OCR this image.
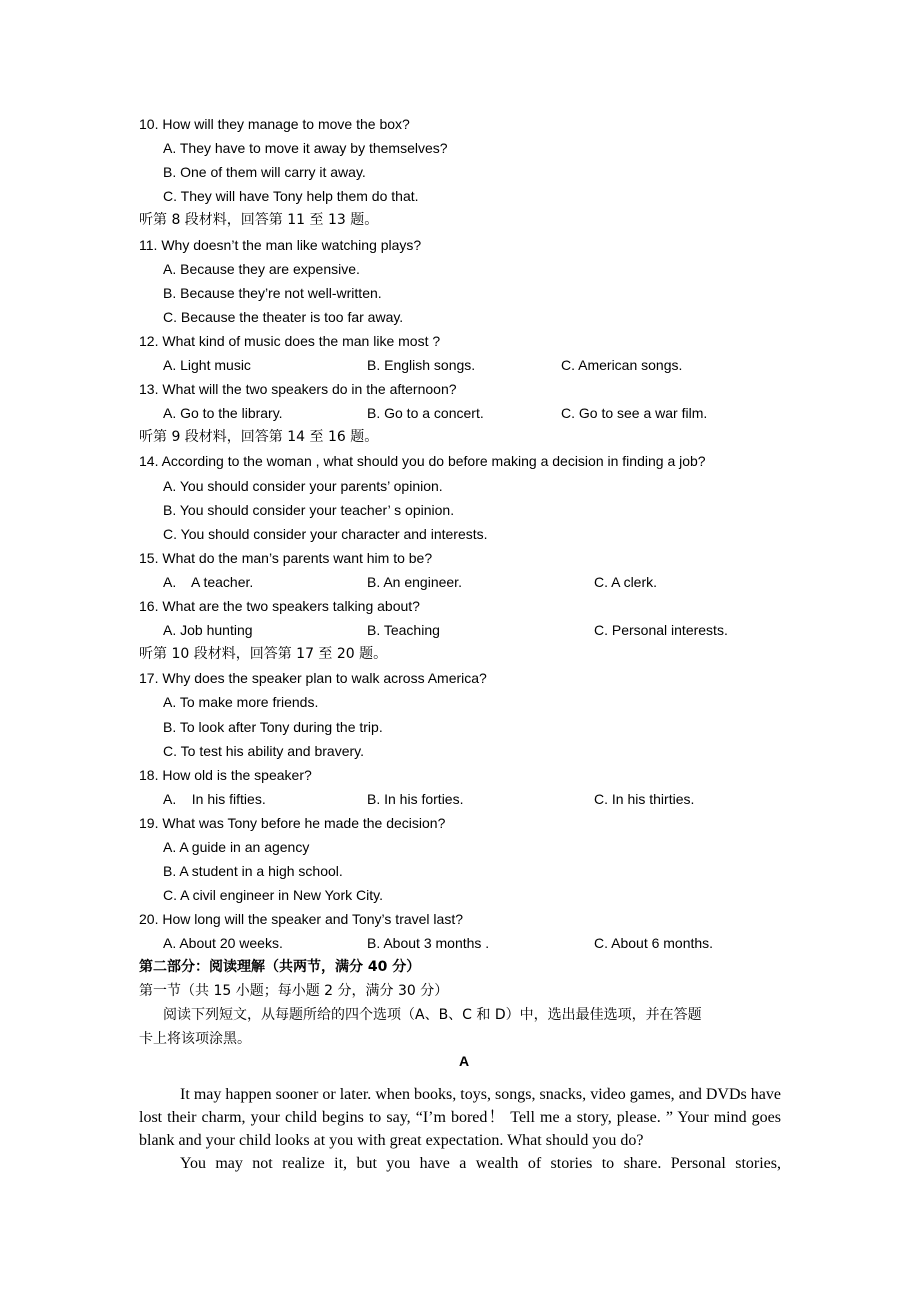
10. How will they manage to move the box?
A. They have to move it away by themselves?
B. One of them will carry it away.
C. They will have Tony help them do that.
听第 8 段材料，回答第 11 至 13 题。
11. Why doesn’t the man like watching plays?
A. Because they are expensive.
B. Because they’re not well-written.
C. Because the theater is too far away.
12. What kind of music does the man like most ?
A. Light music	B. English songs.	C. American songs.
13. What will the two speakers do in the afternoon?
A. Go to the library.	B. Go to a concert.	C. Go to see a war film.
听第 9 段材料，回答第 14 至 16 题。
14. According to the woman , what should you do before making a decision in finding a job?
A. You should consider your parents’ opinion.
B. You should consider your teacher’ s opinion.
C. You should consider your character and interests.
15. What do the man’s parents want him to be?
A.    A teacher.	B. An engineer.	C. A clerk.
16. What are the two speakers talking about?
A. Job hunting	B. Teaching	C. Personal interests.
听第 10 段材料，回答第 17 至 20 题。
17. Why does the speaker plan to walk across America?
A. To make more friends.
B. To look after Tony during the trip.
C. To test his ability and bravery.
18. How old is the speaker?
A.    In his fifties.	B. In his forties.	C. In his thirties.
19. What was Tony before he made the decision?
A. A guide in an agency
B. A student in a high school.
C. A civil engineer in New York City.
20. How long will the speaker and Tony’s travel last?
A. About 20 weeks.	B. About 3 months .	C. About 6 months.
第二部分：阅读理解（共两节，满分 40 分）
第一节（共 15 小题；每小题 2 分，满分 30 分）
阅读下列短文，从每题所给的四个选项（A、B、C 和 D）中，选出最佳选项，并在答题
卡上将该项涂黑。
A
It may happen sooner or later. when books, toys, songs, snacks, video games, and DVDs have lost their charm, your child begins to say, “I’m bored！ Tell me a story, please. ” Your mind goes blank and your child looks at you with great expectation. What should you do?
You may not realize it, but you have a wealth of stories to share. Personal stories,
